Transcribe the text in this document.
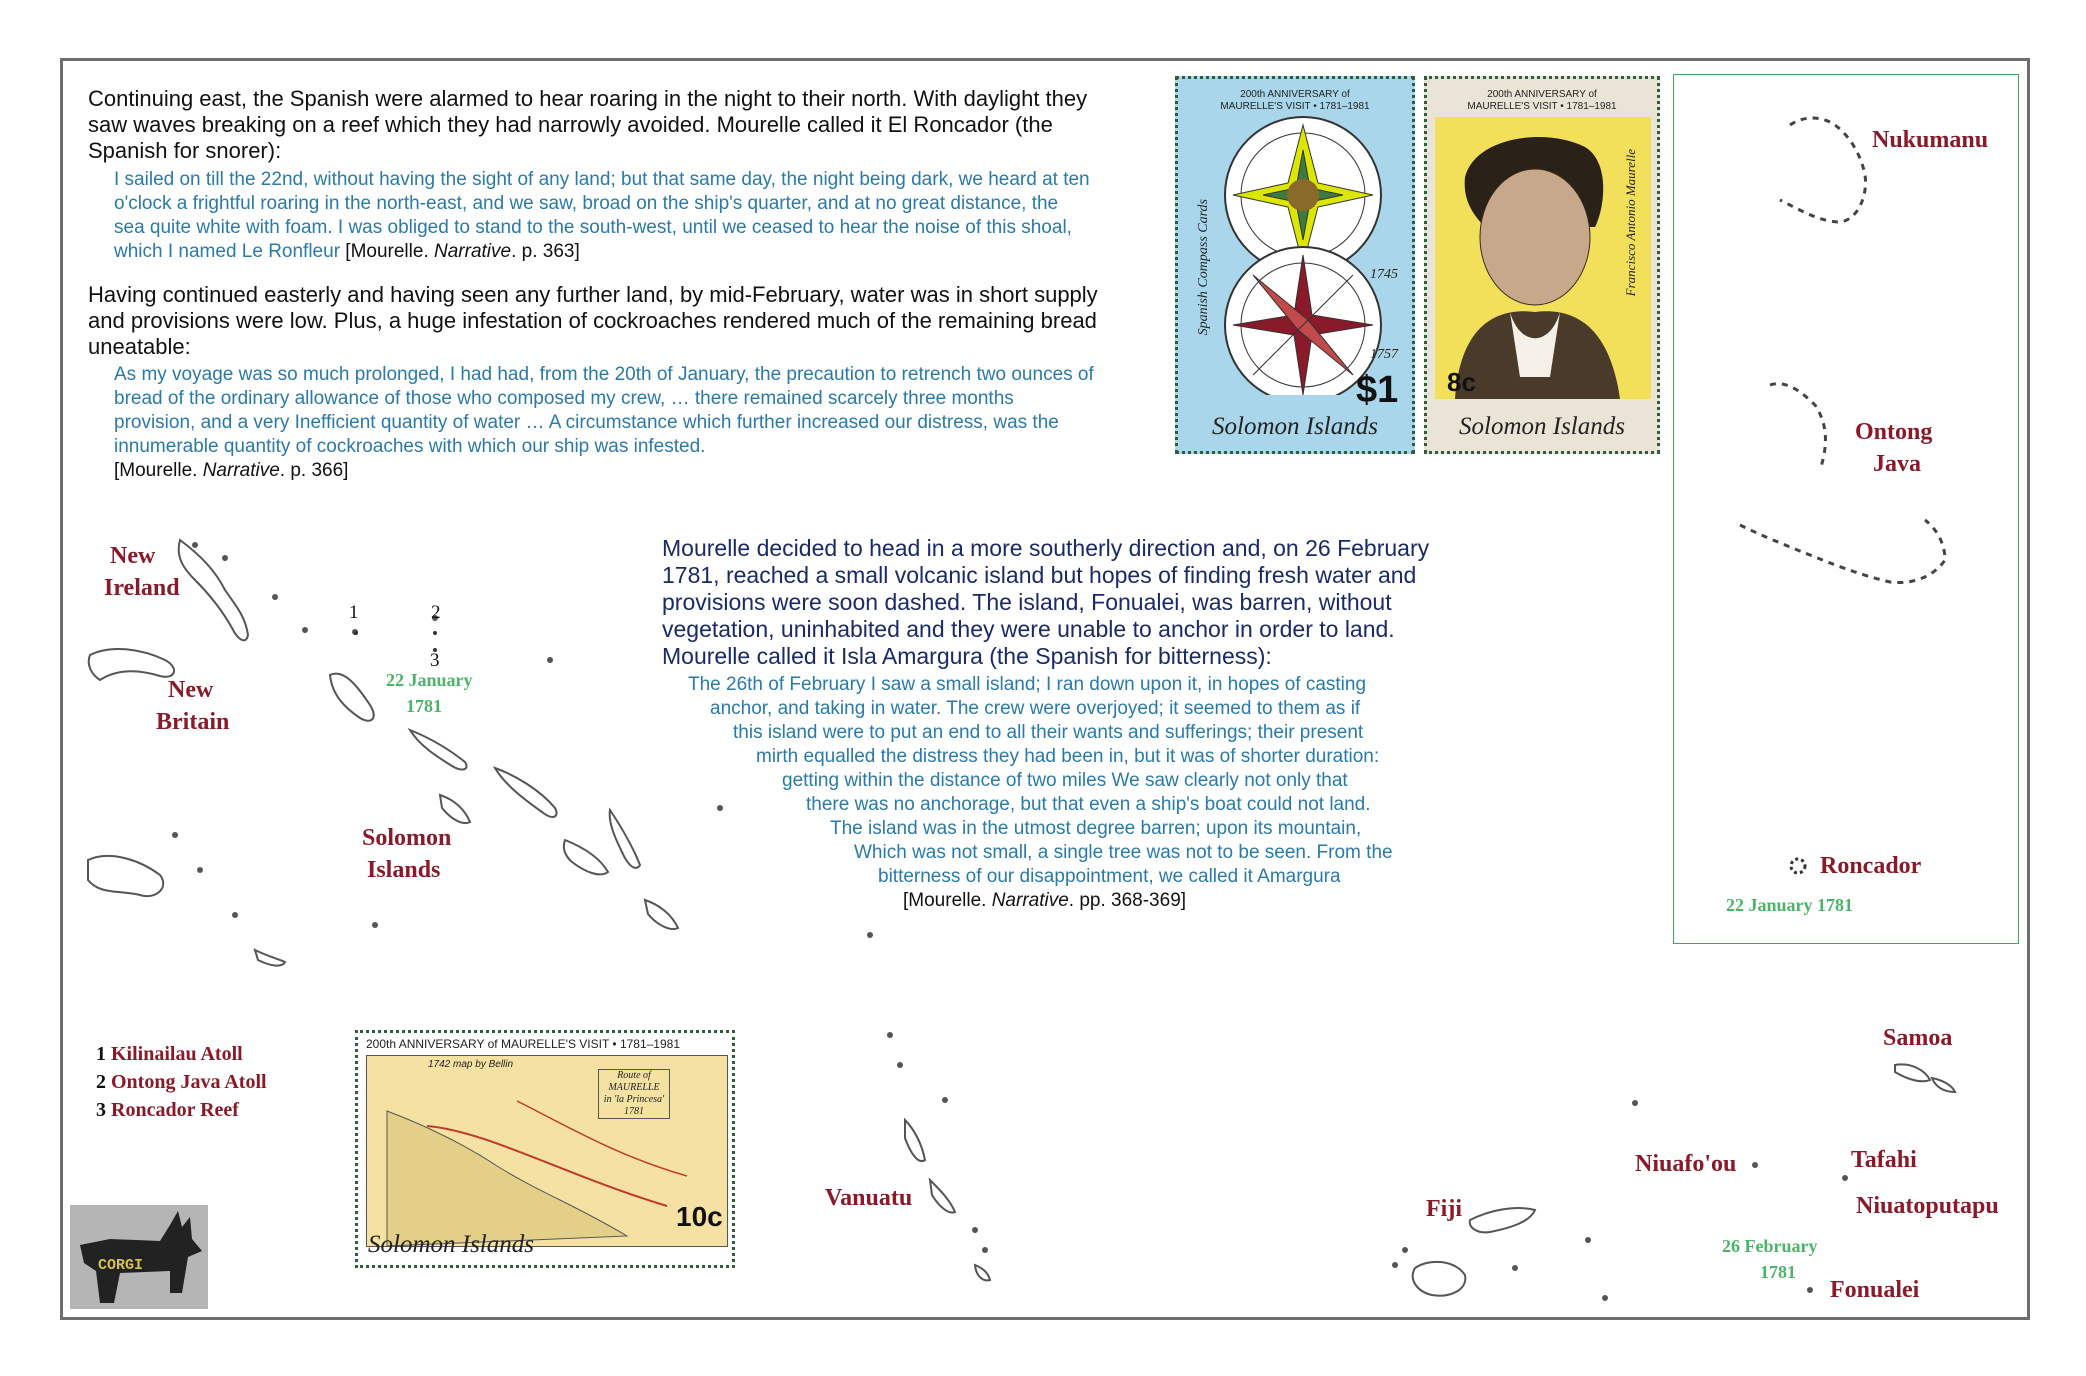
Continuing east, the Spanish were alarmed to hear roaring in the night to their north. With daylight they saw waves breaking on a reef which they had narrowly avoided. Mourelle called it El Roncador (the Spanish for snorer):
I sailed on till the 22nd, without having the sight of any land; but that same day, the night being dark, we heard at ten o'clock a frightful roaring in the north-east, and we saw, broad on the ship's quarter, and at no great distance, the sea quite white with foam. I was obliged to stand to the south-west, until we ceased to hear the noise of this shoal, which I named Le Ronfleur [Mourelle. Narrative. p. 363]
Having continued easterly and having seen any further land, by mid-February, water was in short supply and provisions were low. Plus, a huge infestation of cockroaches rendered much of the remaining bread uneatable:
As my voyage was so much prolonged, I had had, from the 20th of January, the precaution to retrench two ounces of bread of the ordinary allowance of those who composed my crew, … there remained scarcely three months provision, and a very Inefficient quantity of water … A circumstance which further increased our distress, was the innumerable quantity of cockroaches with which our ship was infested.
[Mourelle. Narrative. p. 366]
Mourelle decided to head in a more southerly direction and, on 26 February 1781, reached a small volcanic island but hopes of finding fresh water and provisions were soon dashed. The island, Fonualei, was barren, without vegetation, uninhabited and they were unable to anchor in order to land. Mourelle called it Isla Amargura (the Spanish for bitterness):
The 26th of February I saw a small island; I ran down upon it, in hopes of casting
anchor, and taking in water. The crew were overjoyed; it seemed to them as if
this island were to put an end to all their wants and sufferings; their present
mirth equalled the distress they had been in, but it was of shorter duration:
getting within the distance of two miles We saw clearly not only that
there was no anchorage, but that even a ship's boat could not land.
The island was in the utmost degree barren; upon its mountain,
Which was not small, a single tree was not to be seen. From the
bitterness of our disappointment, we called it Amargura
[Mourelle. Narrative. pp. 368-369]
New
Ireland
New
Britain
Solomon
Islands
Vanuatu	Fiji
Samoa
Niuafo'ou	Tafahi
Niuatoputapu
Fonualei
1	2
3
22 January
1781
26 February
1781
1 Kilinailau Atoll
2 Ontong Java Atoll
3 Roncador Reef
Nukumanu
Ontong
Java
Roncador
22 January 1781
200th ANNIVERSARY of
MAURELLE'S VISIT • 1781–1981
Spanish Compass Cards	1745
1757
$1
Solomon Islands
200th ANNIVERSARY of
MAURELLE'S VISIT • 1781–1981
Francisco Antonio Maurelle
8c
Solomon Islands
200th ANNIVERSARY of MAURELLE'S VISIT • 1781–1981
1742 map by Bellin
Route of
MAURELLE
in 'la Princesa'
1781
10c
Solomon Islands
CORGI
